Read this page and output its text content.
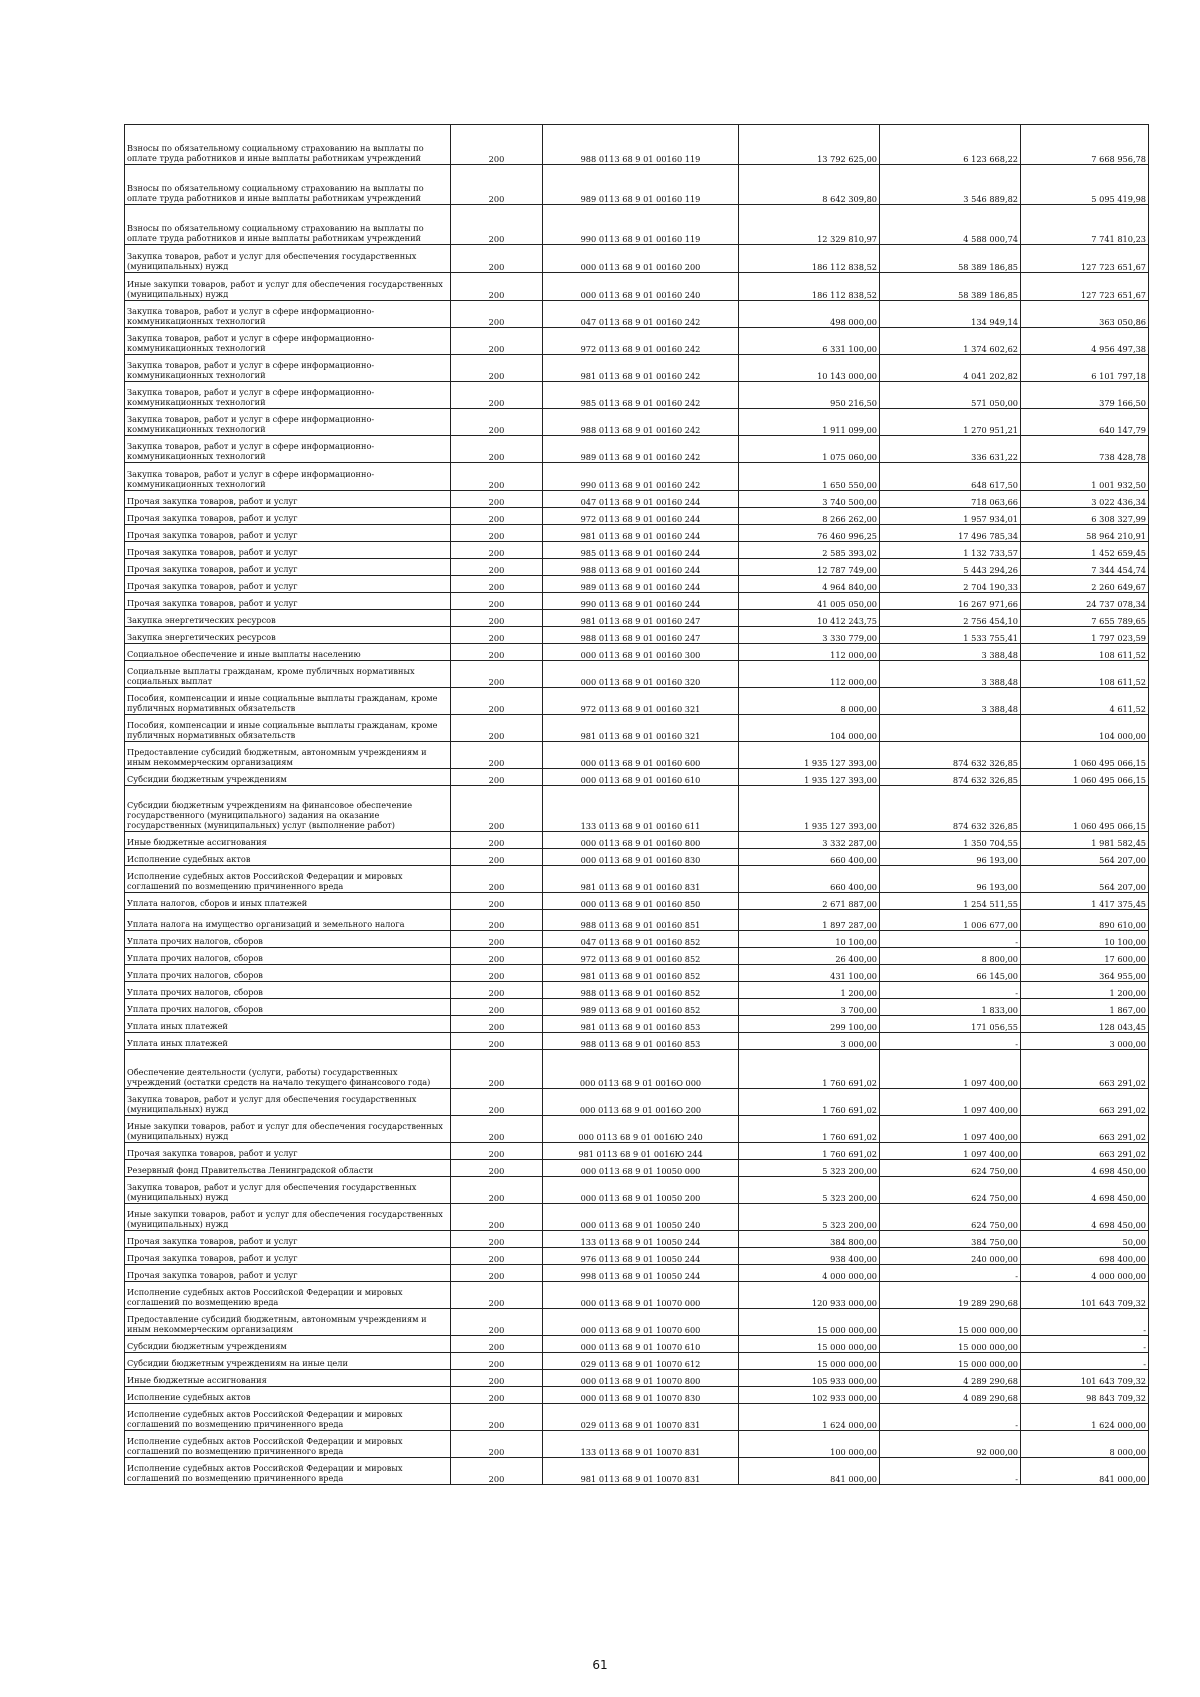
Взносы по обязательному социальному страхованию на выплаты по оплате труда работников и иные выплаты работникам учреждений	200	988 0113 68 9 01 00160 119	13 792 625,00	6 123 668,22	7 668 956,78
Взносы по обязательному социальному страхованию на выплаты по оплате труда работников и иные выплаты работникам учреждений	200	989 0113 68 9 01 00160 119	8 642 309,80	3 546 889,82	5 095 419,98
Взносы по обязательному социальному страхованию на выплаты по оплате труда работников и иные выплаты работникам учреждений	200	990 0113 68 9 01 00160 119	12 329 810,97	4 588 000,74	7 741 810,23
Закупка товаров, работ и услуг для обеспечения государственных (муниципальных) нужд	200	000 0113 68 9 01 00160 200	186 112 838,52	58 389 186,85	127 723 651,67
Иные закупки товаров, работ и услуг для обеспечения государственных (муниципальных) нужд	200	000 0113 68 9 01 00160 240	186 112 838,52	58 389 186,85	127 723 651,67
Закупка товаров, работ и услуг в сфере информационно-коммуникационных технологий	200	047 0113 68 9 01 00160 242	498 000,00	134 949,14	363 050,86
Закупка товаров, работ и услуг в сфере информационно-коммуникационных технологий	200	972 0113 68 9 01 00160 242	6 331 100,00	1 374 602,62	4 956 497,38
Закупка товаров, работ и услуг в сфере информационно-коммуникационных технологий	200	981 0113 68 9 01 00160 242	10 143 000,00	4 041 202,82	6 101 797,18
Закупка товаров, работ и услуг в сфере информационно-коммуникационных технологий	200	985 0113 68 9 01 00160 242	950 216,50	571 050,00	379 166,50
Закупка товаров, работ и услуг в сфере информационно-коммуникационных технологий	200	988 0113 68 9 01 00160 242	1 911 099,00	1 270 951,21	640 147,79
Закупка товаров, работ и услуг в сфере информационно-коммуникационных технологий	200	989 0113 68 9 01 00160 242	1 075 060,00	336 631,22	738 428,78
Закупка товаров, работ и услуг в сфере информационно-коммуникационных технологий	200	990 0113 68 9 01 00160 242	1 650 550,00	648 617,50	1 001 932,50
Прочая закупка товаров, работ и услуг	200	047 0113 68 9 01 00160 244	3 740 500,00	718 063,66	3 022 436,34
Прочая закупка товаров, работ и услуг	200	972 0113 68 9 01 00160 244	8 266 262,00	1 957 934,01	6 308 327,99
Прочая закупка товаров, работ и услуг	200	981 0113 68 9 01 00160 244	76 460 996,25	17 496 785,34	58 964 210,91
Прочая закупка товаров, работ и услуг	200	985 0113 68 9 01 00160 244	2 585 393,02	1 132 733,57	1 452 659,45
Прочая закупка товаров, работ и услуг	200	988 0113 68 9 01 00160 244	12 787 749,00	5 443 294,26	7 344 454,74
Прочая закупка товаров, работ и услуг	200	989 0113 68 9 01 00160 244	4 964 840,00	2 704 190,33	2 260 649,67
Прочая закупка товаров, работ и услуг	200	990 0113 68 9 01 00160 244	41 005 050,00	16 267 971,66	24 737 078,34
Закупка энергетических ресурсов	200	981 0113 68 9 01 00160 247	10 412 243,75	2 756 454,10	7 655 789,65
Закупка энергетических ресурсов	200	988 0113 68 9 01 00160 247	3 330 779,00	1 533 755,41	1 797 023,59
Социальное обеспечение и иные выплаты населению	200	000 0113 68 9 01 00160 300	112 000,00	3 388,48	108 611,52
Социальные выплаты гражданам, кроме публичных нормативных социальных выплат	200	000 0113 68 9 01 00160 320	112 000,00	3 388,48	108 611,52
Пособия, компенсации и иные социальные выплаты гражданам, кроме публичных нормативных обязательств	200	972 0113 68 9 01 00160 321	8 000,00	3 388,48	4 611,52
Пособия, компенсации и иные социальные выплаты гражданам, кроме публичных нормативных обязательств	200	981 0113 68 9 01 00160 321	104 000,00		104 000,00
Предоставление субсидий бюджетным, автономным учреждениям и иным некоммерческим организациям	200	000 0113 68 9 01 00160 600	1 935 127 393,00	874 632 326,85	1 060 495 066,15
Субсидии бюджетным учреждениям	200	000 0113 68 9 01 00160 610	1 935 127 393,00	874 632 326,85	1 060 495 066,15
Субсидии бюджетным учреждениям на финансовое обеспечение государственного (муниципального) задания на оказание государственных (муниципальных) услуг (выполнение работ)	200	133 0113 68 9 01 00160 611	1 935 127 393,00	874 632 326,85	1 060 495 066,15
Иные бюджетные ассигнования	200	000 0113 68 9 01 00160 800	3 332 287,00	1 350 704,55	1 981 582,45
Исполнение судебных актов	200	000 0113 68 9 01 00160 830	660 400,00	96 193,00	564 207,00
Исполнение судебных актов Российской Федерации и мировых соглашений по возмещению причиненного вреда	200	981 0113 68 9 01 00160 831	660 400,00	96 193,00	564 207,00
Уплата налогов, сборов и иных платежей	200	000 0113 68 9 01 00160 850	2 671 887,00	1 254 511,55	1 417 375,45
Уплата налога на имущество организаций и земельного налога	200	988 0113 68 9 01 00160 851	1 897 287,00	1 006 677,00	890 610,00
Уплата прочих налогов, сборов	200	047 0113 68 9 01 00160 852	10 100,00	-	10 100,00
Уплата прочих налогов, сборов	200	972 0113 68 9 01 00160 852	26 400,00	8 800,00	17 600,00
Уплата прочих налогов, сборов	200	981 0113 68 9 01 00160 852	431 100,00	66 145,00	364 955,00
Уплата прочих налогов, сборов	200	988 0113 68 9 01 00160 852	1 200,00	-	1 200,00
Уплата прочих налогов, сборов	200	989 0113 68 9 01 00160 852	3 700,00	1 833,00	1 867,00
Уплата иных платежей	200	981 0113 68 9 01 00160 853	299 100,00	171 056,55	128 043,45
Уплата иных платежей	200	988 0113 68 9 01 00160 853	3 000,00	-	3 000,00
Обеспечение деятельности (услуги, работы) государственных учреждений (остатки средств на начало текущего финансового года)	200	000 0113 68 9 01 0016О 000	1 760 691,02	1 097 400,00	663 291,02
Закупка товаров, работ и услуг для обеспечения государственных (муниципальных) нужд	200	000 0113 68 9 01 0016О 200	1 760 691,02	1 097 400,00	663 291,02
Иные закупки товаров, работ и услуг для обеспечения государственных (муниципальных) нужд	200	000 0113 68 9 01 0016Ю 240	1 760 691,02	1 097 400,00	663 291,02
Прочая закупка товаров, работ и услуг	200	981 0113 68 9 01 0016Ю 244	1 760 691,02	1 097 400,00	663 291,02
Резервный фонд Правительства Ленинградской области	200	000 0113 68 9 01 10050 000	5 323 200,00	624 750,00	4 698 450,00
Закупка товаров, работ и услуг для обеспечения государственных (муниципальных) нужд	200	000 0113 68 9 01 10050 200	5 323 200,00	624 750,00	4 698 450,00
Иные закупки товаров, работ и услуг для обеспечения государственных (муниципальных) нужд	200	000 0113 68 9 01 10050 240	5 323 200,00	624 750,00	4 698 450,00
Прочая закупка товаров, работ и услуг	200	133 0113 68 9 01 10050 244	384 800,00	384 750,00	50,00
Прочая закупка товаров, работ и услуг	200	976 0113 68 9 01 10050 244	938 400,00	240 000,00	698 400,00
Прочая закупка товаров, работ и услуг	200	998 0113 68 9 01 10050 244	4 000 000,00	-	4 000 000,00
Исполнение судебных актов Российской Федерации и мировых соглашений по возмещению вреда	200	000 0113 68 9 01 10070 000	120 933 000,00	19 289 290,68	101 643 709,32
Предоставление субсидий бюджетным, автономным учреждениям и иным некоммерческим организациям	200	000 0113 68 9 01 10070 600	15 000 000,00	15 000 000,00	-
Субсидии бюджетным учреждениям	200	000 0113 68 9 01 10070 610	15 000 000,00	15 000 000,00	-
Субсидии бюджетным учреждениям на иные цели	200	029 0113 68 9 01 10070 612	15 000 000,00	15 000 000,00	-
Иные бюджетные ассигнования	200	000 0113 68 9 01 10070 800	105 933 000,00	4 289 290,68	101 643 709,32
Исполнение судебных актов	200	000 0113 68 9 01 10070 830	102 933 000,00	4 089 290,68	98 843 709,32
Исполнение судебных актов Российской Федерации и мировых соглашений по возмещению причиненного вреда	200	029 0113 68 9 01 10070 831	1 624 000,00	-	1 624 000,00
Исполнение судебных актов Российской Федерации и мировых соглашений по возмещению причиненного вреда	200	133 0113 68 9 01 10070 831	100 000,00	92 000,00	8 000,00
Исполнение судебных актов Российской Федерации и мировых соглашений по возмещению причиненного вреда	200	981 0113 68 9 01 10070 831	841 000,00	-	841 000,00
61
